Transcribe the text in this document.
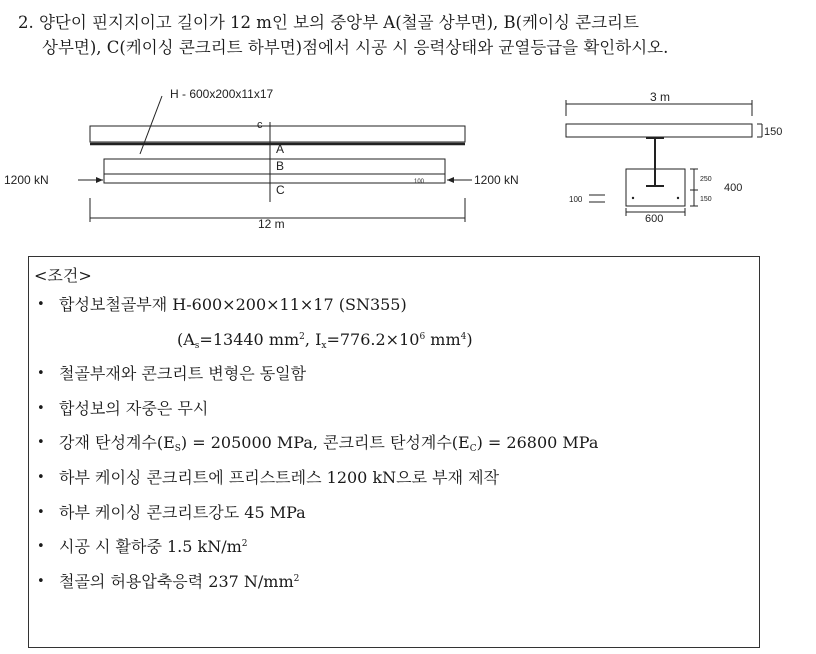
2. 양단이 핀지지이고 길이가 12 m인 보의 중앙부 A(철골 상부면), B(케이싱 콘크리트
상부면), C(케이싱 콘크리트 하부면)점에서 시공 시 응력상태와 균열등급을 확인하시오.
H - 600x200x11x17
c
A
B
C
1200 kN	1200 kN
100
12 m
3 m
150
250
150
400
100
600
<조건>
• 합성보철골부재 H-600×200×11×17 (SN355)
($A_s=13440$ $mm^2$, $I_x=776.2\times 10^6$ $mm^4$)
• 철골부재와 콘크리트 변형은 동일함
• 합성보의 자중은 무시
• 강재 탄성계수$(E_S) = 205000$ MPa, 콘크리트 탄성계수$(E_C) = 26800$ MPa
• 하부 케이싱 콘크리트에 프리스트레스 1200 kN으로 부재 제작
• 하부 케이싱 콘크리트강도 45 MPa
• 시공 시 활하중 1.5 $kN/m^2$
• 철골의 허용압축응력 237 $N/mm^2$
